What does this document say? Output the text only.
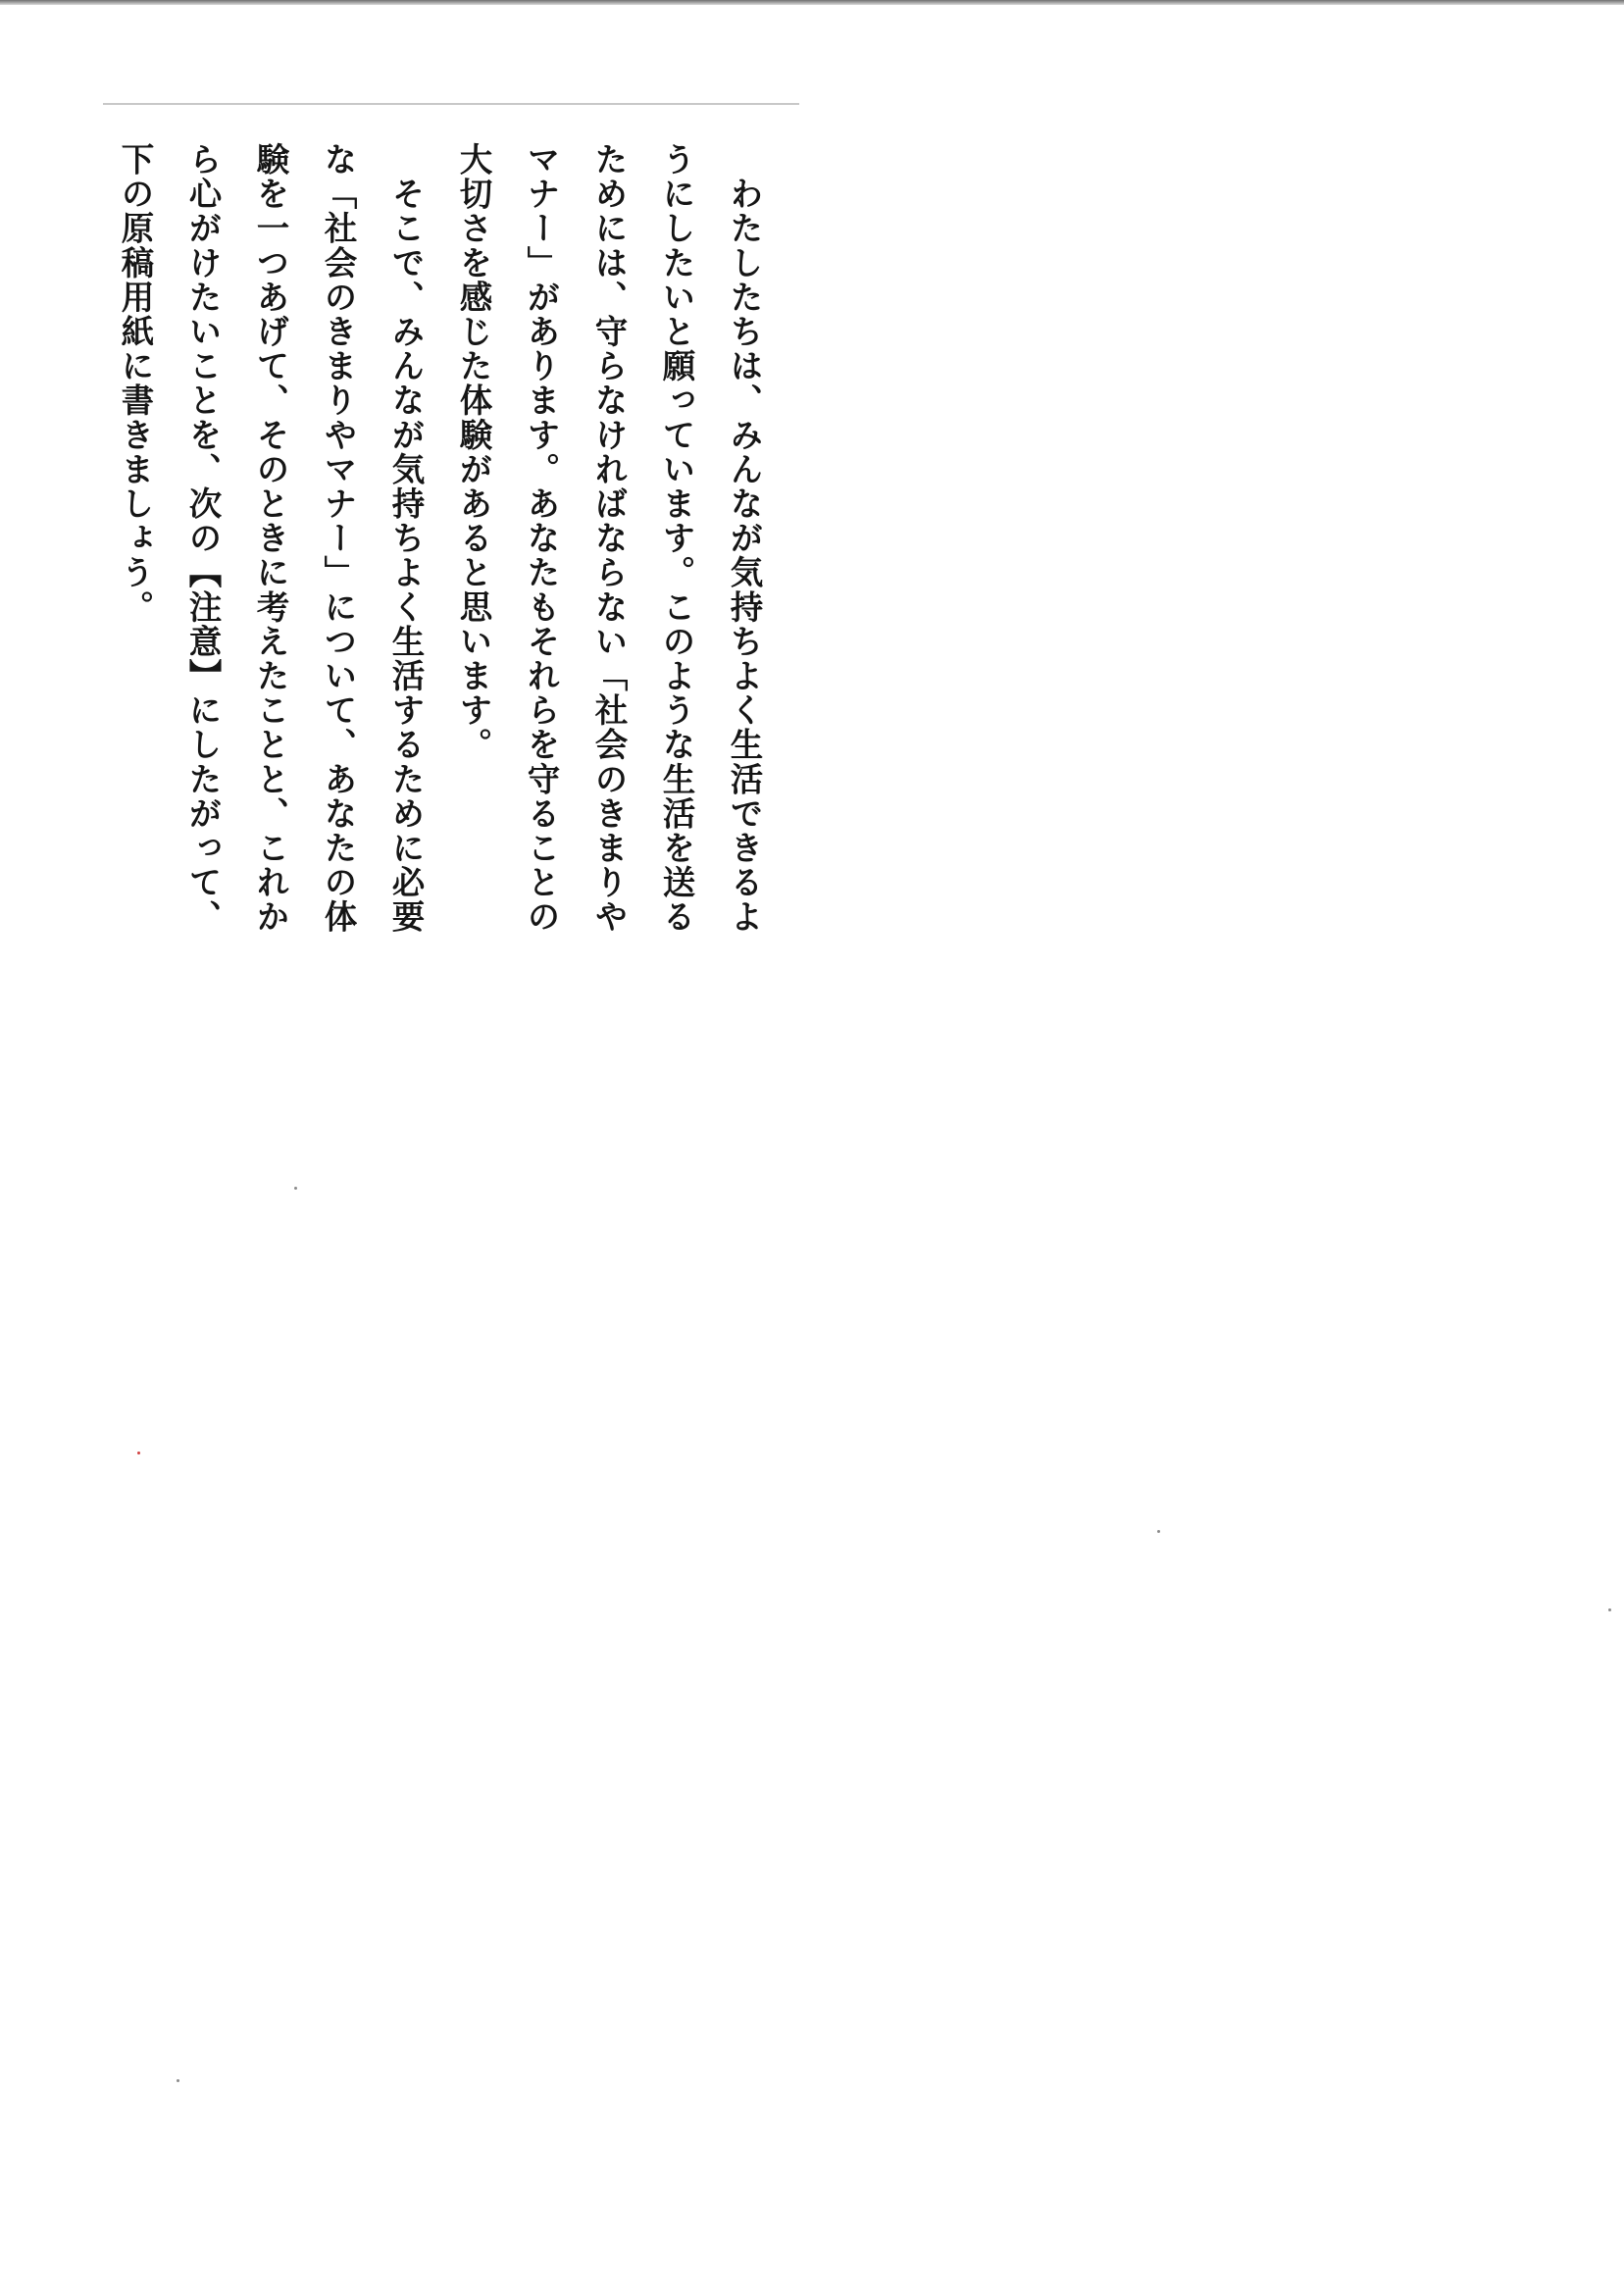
　わたしたちは、みんなが気持ちよく生活できるようにしたいと願っています。このような生活を送るためには、守らなければならない「社会のきまりやマナー」があります。あなたもそれらを守ることの大切さを感じた体験があると思います。

　そこで、みんなが気持ちよく生活するために必要な「社会のきまりやマナー」について、あなたの体験を一つあげて、そのときに考えたことと、これから心がけたいことを、次の【注意】にしたがって、下の原稿用紙に書きましょう。
